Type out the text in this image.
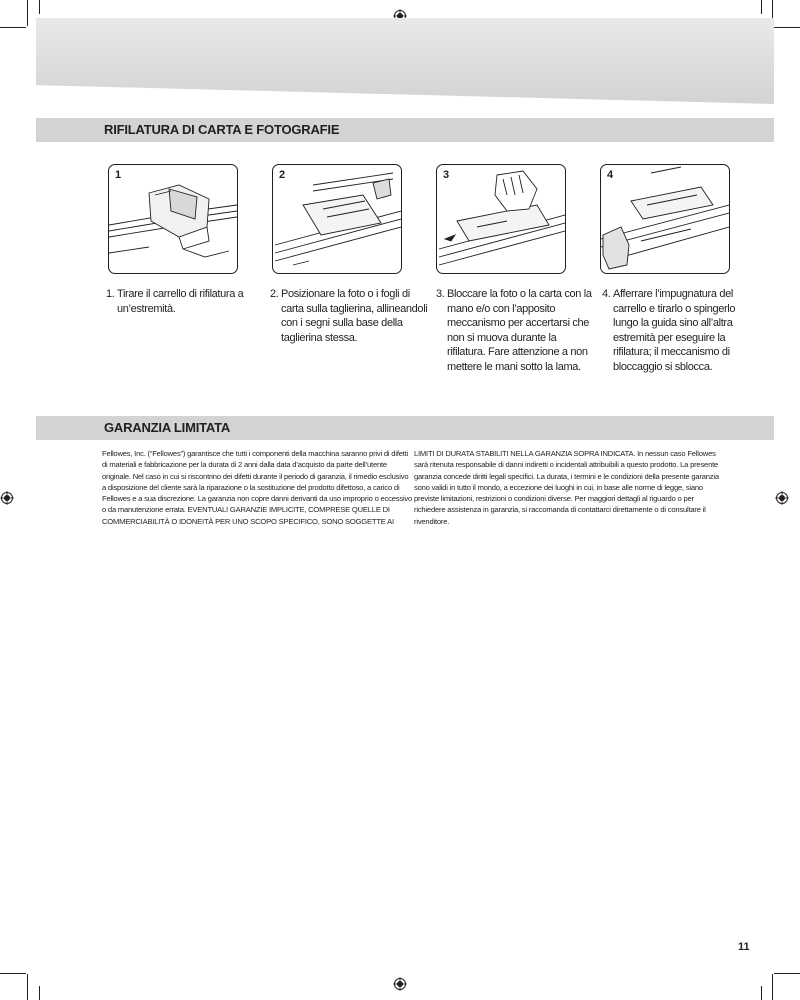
RIFILATURA DI CARTA E FOTOGRAFIE
1
1. Tirare il carrello di rifilatura a un’estremità.
2
2. Posizionare la foto o i fogli di carta sulla taglierina, allineandoli con i segni sulla base della taglierina stessa.
3
3. Bloccare la foto o la carta con la mano e/o con l’apposito meccanismo per accertarsi che non si muova durante la rifilatura. Fare attenzione a non mettere le mani sotto la lama.
4
4. Afferrare l’impugnatura del carrello e tirarlo o spingerlo lungo la guida sino all’altra estremità per eseguire la rifilatura; il meccanismo di bloccaggio si sblocca.
GARANZIA LIMITATA
Fellowes, Inc. (“Fellowes”) garantisce che tutti i componenti della macchina saranno privi di difetti di materiali e fabbricazione per la durata di 2 anni dalla data d’acquisto da parte dell’utente originale. Nel caso in cui si riscontrino dei difetti durante il periodo di garanzia, il rimedio esclusivo a disposizione del cliente sarà la riparazione o la sostituzione del prodotto difettoso, a carico di Fellowes e a sua discrezione. La garanzia non copre danni derivanti da uso improprio o eccessivo o da manutenzione errata. EVENTUALI GARANZIE IMPLICITE, COMPRESE QUELLE DI COMMERCIABILITÀ O IDONEITÀ PER UNO SCOPO SPECIFICO, SONO SOGGETTE AI
LIMITI DI DURATA STABILITI NELLA GARANZIA SOPRA INDICATA. In nessun caso Fellowes sarà ritenuta responsabile di danni indiretti o incidentali attribuibili a questo prodotto. La presente garanzia concede diritti legali specifici. La durata, i termini e le condizioni della presente garanzia sono validi in tutto il mondo, a eccezione dei luoghi in cui, in base alle norme di legge, siano previste limitazioni, restrizioni o condizioni diverse. Per maggiori dettagli al riguardo o per richiedere assistenza in garanzia, si raccomanda di contattarci direttamente o di consultare il rivenditore.
11
